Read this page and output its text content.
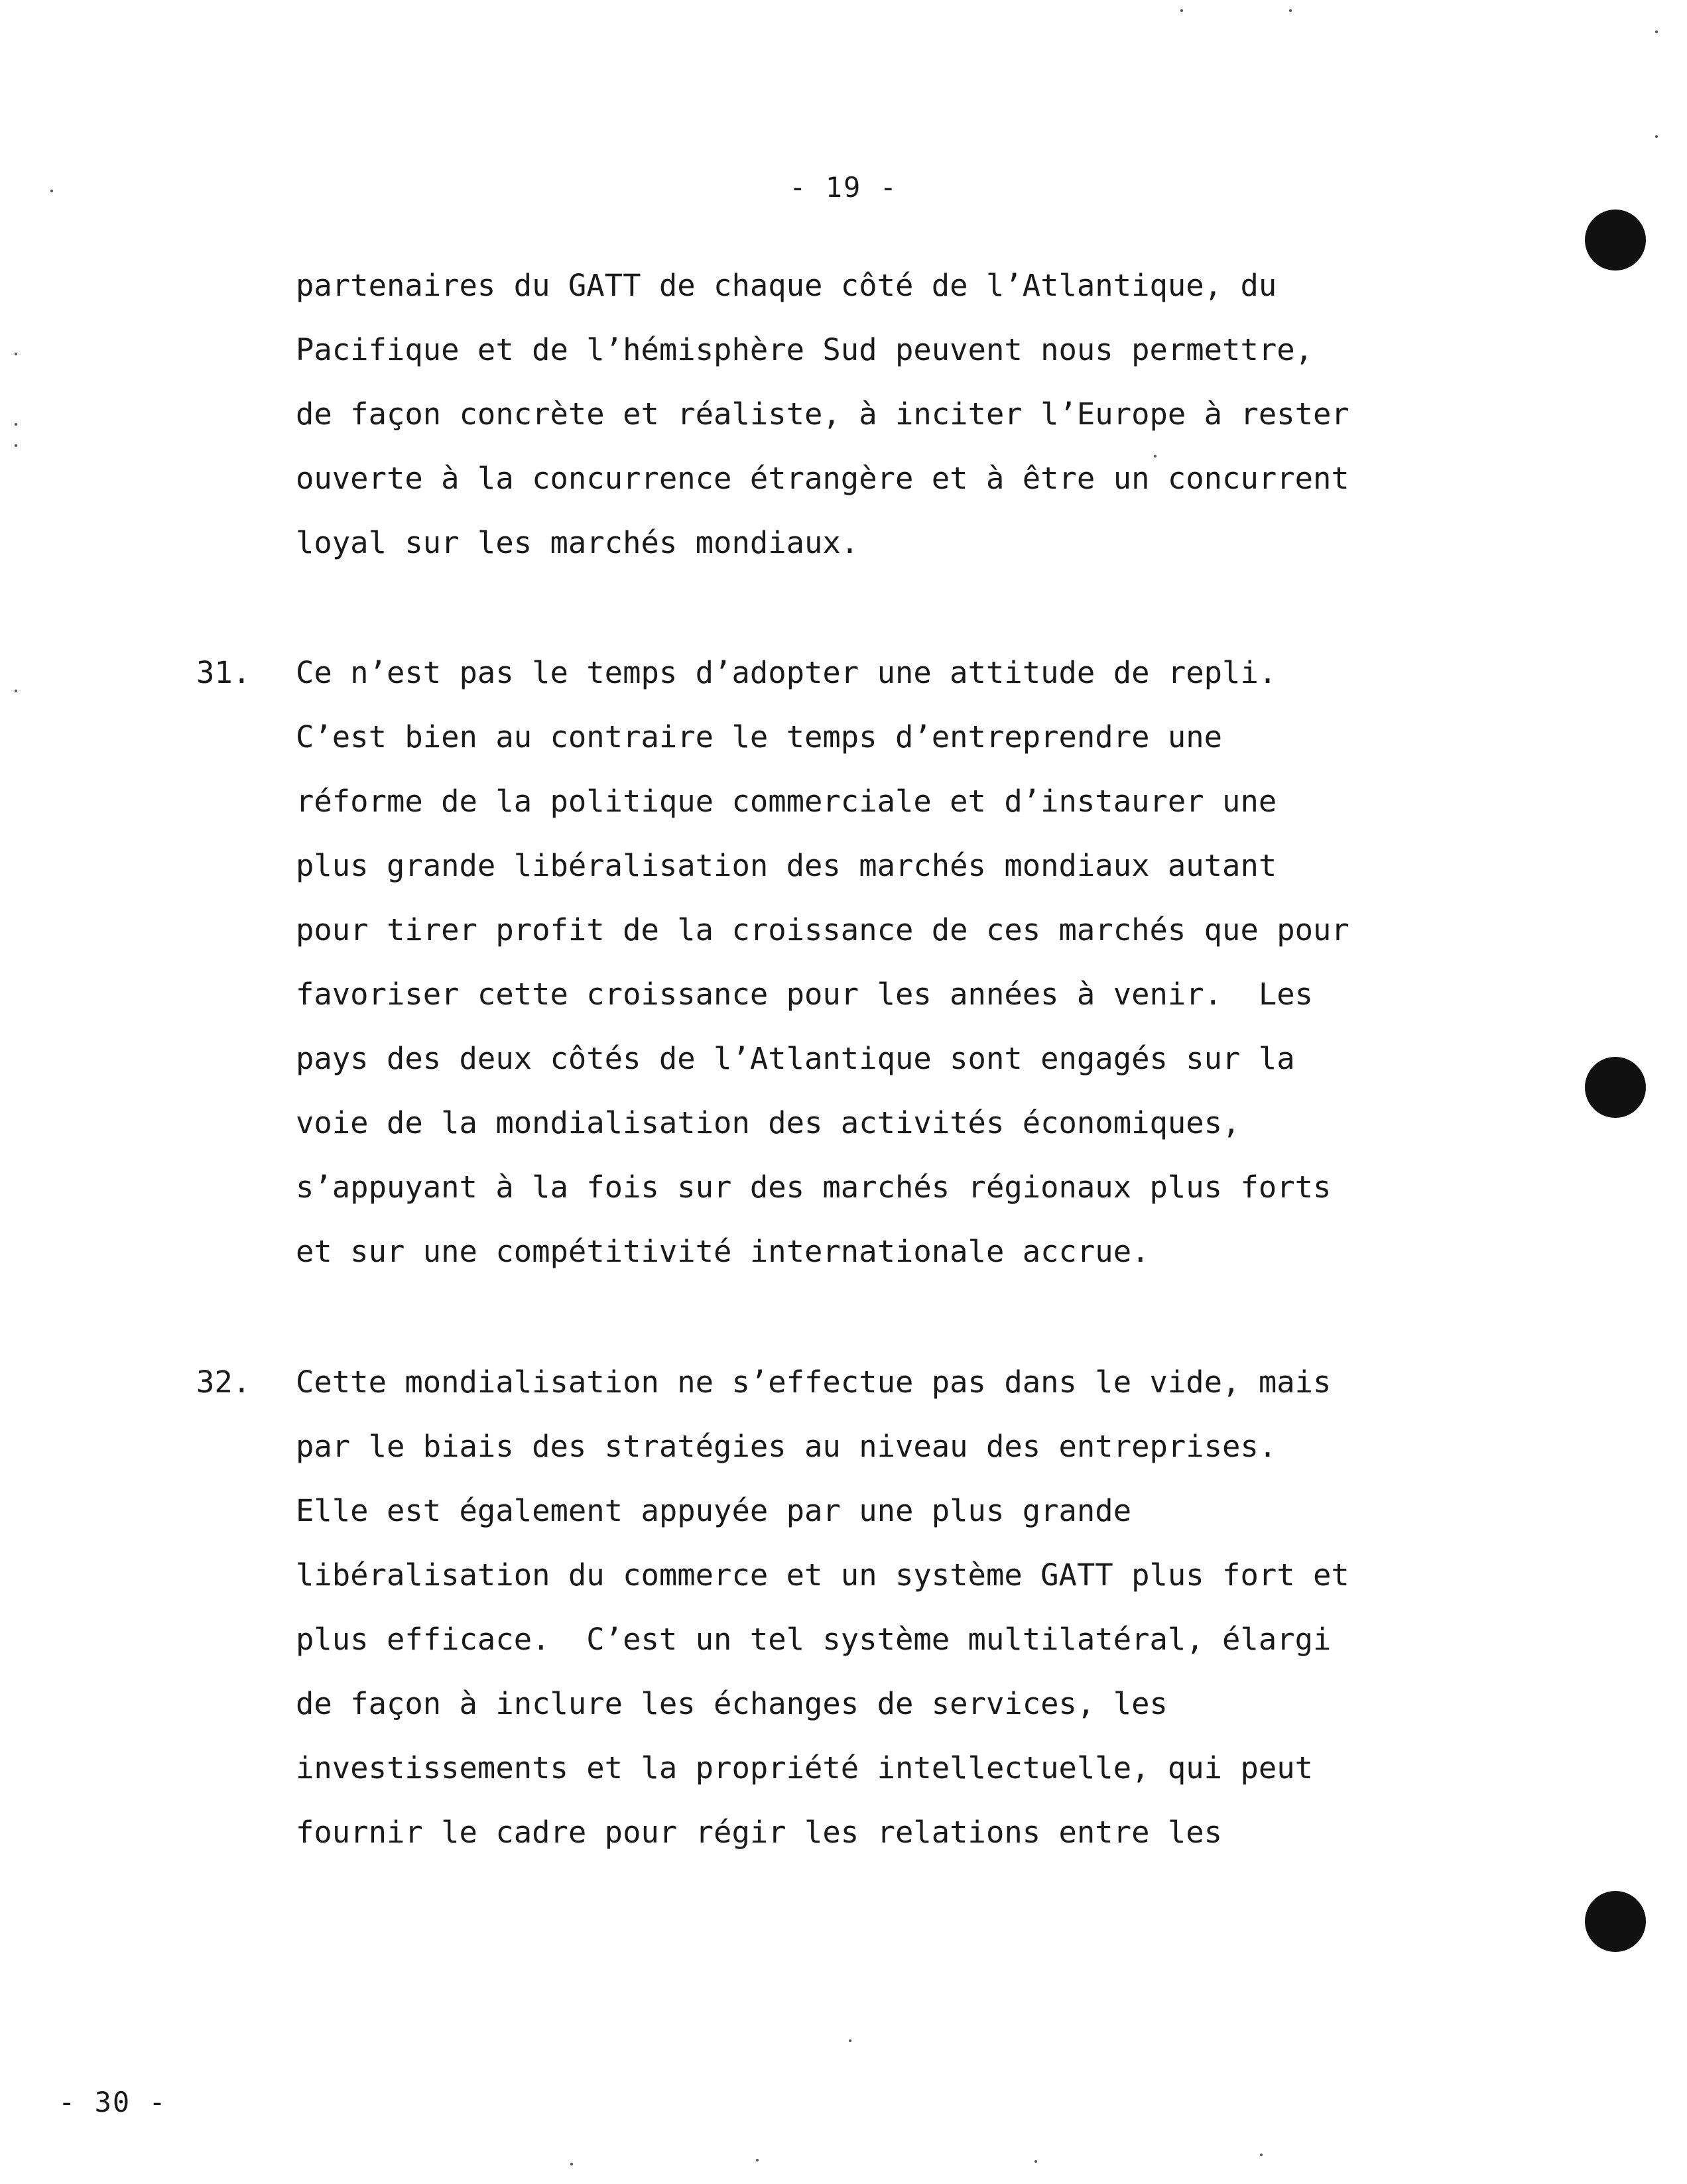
- 19 -
partenaires du GATT de chaque côté de l’Atlantique, du
Pacifique et de l’hémisphère Sud peuvent nous permettre,
de façon concrète et réaliste, à inciter l’Europe à rester
ouverte à la concurrence étrangère et à être un concurrent
loyal sur les marchés mondiaux.
31. Ce n’est pas le temps d’adopter une attitude de repli.
C’est bien au contraire le temps d’entreprendre une
réforme de la politique commerciale et d’instaurer une
plus grande libéralisation des marchés mondiaux autant
pour tirer profit de la croissance de ces marchés que pour
favoriser cette croissance pour les années à venir.  Les
pays des deux côtés de l’Atlantique sont engagés sur la
voie de la mondialisation des activités économiques,
s’appuyant à la fois sur des marchés régionaux plus forts
et sur une compétitivité internationale accrue.
32. Cette mondialisation ne s’effectue pas dans le vide, mais
par le biais des stratégies au niveau des entreprises.
Elle est également appuyée par une plus grande
libéralisation du commerce et un système GATT plus fort et
plus efficace.  C’est un tel système multilatéral, élargi
de façon à inclure les échanges de services, les
investissements et la propriété intellectuelle, qui peut
fournir le cadre pour régir les relations entre les
- 30 -
